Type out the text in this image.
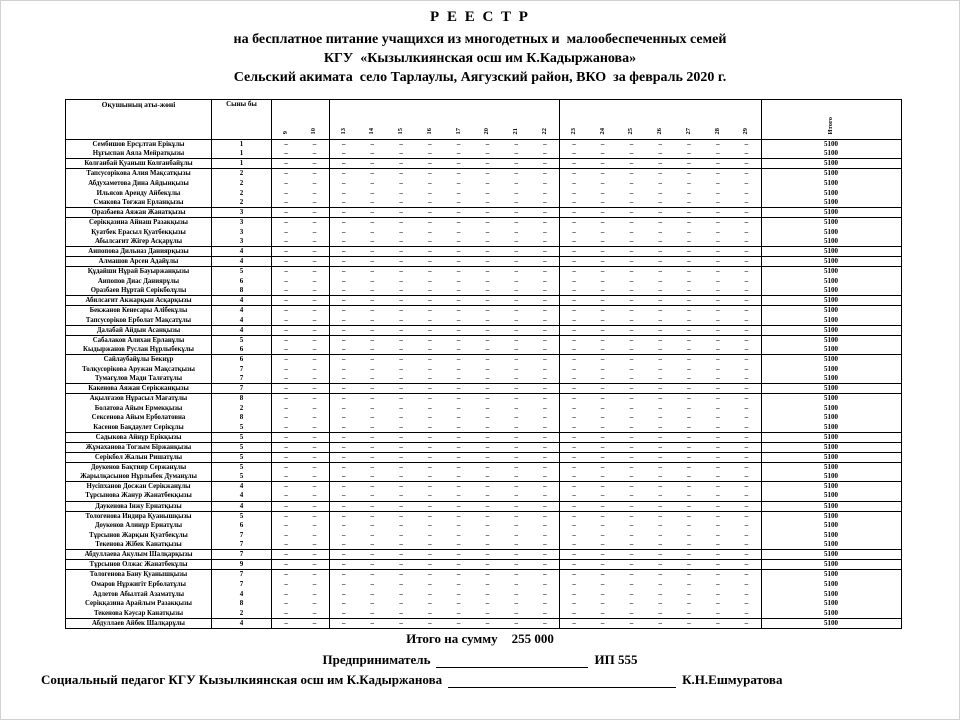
Р Е Е С Т Р
на бесплатное питание учащихся из многодетных и  малообеспеченных семей
КГУ  «Кызылкиянская осш им К.Кадыржанова»
Сельский акимата  село Тарлаулы, Аягузский район, ВКО  за февраль 2020 г.
Оқушының аты-жөні	Сыны бы	9	10	13	14	15	16	17	20	21	22	23	24	25	26	27	28	29	Итого
Сембишов Ерсұлтан Ерікұлы	1	–	–	–	–	–	–	–	–	–	–	–	–	–	–	–	–	–	5100
Нұғыспан Аяла Мейратқызы	1	–	–	–	–	–	–	–	–	–	–	–	–	–	–	–	–	–	5100
Колғанбай Қуаныш Колғанбайұлы	1	–	–	–	–	–	–	–	–	–	–	–	–	–	–	–	–	–	5100
Тапсусорікова Алия Мақсатқызы	2	–	–	–	–	–	–	–	–	–	–	–	–	–	–	–	–	–	5100
Абдухаметова Дина Айдынқызы	2	–	–	–	–	–	–	–	–	–	–	–	–	–	–	–	–	–	5100
Ильясов Аренду Айбекұлы	2	–	–	–	–	–	–	–	–	–	–	–	–	–	–	–	–	–	5100
Смакова Тоғжан Ерланқызы	2	–	–	–	–	–	–	–	–	–	–	–	–	–	–	–	–	–	5100
Оразбаева Аяжан Жанатқызы	3	–	–	–	–	–	–	–	–	–	–	–	–	–	–	–	–	–	5100
Серікқазина Айнаш Разакқызы	3	–	–	–	–	–	–	–	–	–	–	–	–	–	–	–	–	–	5100
Қуатбек Ерасыл Қуатбекқызы	3	–	–	–	–	–	–	–	–	–	–	–	–	–	–	–	–	–	5100
Абылсағит Жігер Асқарұлы	3	–	–	–	–	–	–	–	–	–	–	–	–	–	–	–	–	–	5100
Аипопова Дильназ Даниярқызы	4	–	–	–	–	–	–	–	–	–	–	–	–	–	–	–	–	–	5100
Алмашов Арсен Адайұлы	4	–	–	–	–	–	–	–	–	–	–	–	–	–	–	–	–	–	5100
Құдайши Нұрай Бауыржанқызы	5	–	–	–	–	–	–	–	–	–	–	–	–	–	–	–	–	–	5100
Аипопов Диас Даниярұлы	6	–	–	–	–	–	–	–	–	–	–	–	–	–	–	–	–	–	5100
Оразбаев Нұртай Серікболұлы	8	–	–	–	–	–	–	–	–	–	–	–	–	–	–	–	–	–	5100
Абилсағит Акжарқын Асқарқызы	4	–	–	–	–	–	–	–	–	–	–	–	–	–	–	–	–	–	5100
Бекжанов Кенесары Алібекұлы	4	–	–	–	–	–	–	–	–	–	–	–	–	–	–	–	–	–	5100
Тапсусоріков Ерболат Мақсатұлы	4	–	–	–	–	–	–	–	–	–	–	–	–	–	–	–	–	–	5100
Далабай Айдын Асанқызы	4	–	–	–	–	–	–	–	–	–	–	–	–	–	–	–	–	–	5100
Сабалаков Алихан Ерланұлы	5	–	–	–	–	–	–	–	–	–	–	–	–	–	–	–	–	–	5100
Кыдыржанов Руслан Нұрлыбекұлы	6	–	–	–	–	–	–	–	–	–	–	–	–	–	–	–	–	–	5100
Сайлаубайұлы Бекнұр	6	–	–	–	–	–	–	–	–	–	–	–	–	–	–	–	–	–	5100
Толқусорікова Аружан Мақсатқызы	7	–	–	–	–	–	–	–	–	–	–	–	–	–	–	–	–	–	5100
Тумағұлов Мади Талғатұлы	7	–	–	–	–	–	–	–	–	–	–	–	–	–	–	–	–	–	5100
Какенова Аяжан Серікжанқызы	7	–	–	–	–	–	–	–	–	–	–	–	–	–	–	–	–	–	5100
Ақылғазов Нұрасыл Мағатұлы	8	–	–	–	–	–	–	–	–	–	–	–	–	–	–	–	–	–	5100
Болатова Айым Ермекқызы	2	–	–	–	–	–	–	–	–	–	–	–	–	–	–	–	–	–	5100
Сексенова Айым Ерболатовна	8	–	–	–	–	–	–	–	–	–	–	–	–	–	–	–	–	–	5100
Касенов Бақдаулет Серікұлы	5	–	–	–	–	–	–	–	–	–	–	–	–	–	–	–	–	–	5100
Садыкова Айнұр Ерікқызы	5	–	–	–	–	–	–	–	–	–	–	–	–	–	–	–	–	–	5100
Жұмаханова Тогзым Біржанқызы	5	–	–	–	–	–	–	–	–	–	–	–	–	–	–	–	–	–	5100
Серікбол Жалын Ришатұлы	5	–	–	–	–	–	–	–	–	–	–	–	–	–	–	–	–	–	5100
Доукенов Бақтияр Сержанұлы	5	–	–	–	–	–	–	–	–	–	–	–	–	–	–	–	–	–	5100
Жарылқасынов Нұрлыбек Думанұлы	5	–	–	–	–	–	–	–	–	–	–	–	–	–	–	–	–	–	5100
Нусіпханов Досжан Серікжанұлы	4	–	–	–	–	–	–	–	–	–	–	–	–	–	–	–	–	–	5100
Тұрсынова Жанур Жанатбекқызы	4	–	–	–	–	–	–	–	–	–	–	–	–	–	–	–	–	–	5100
Даукенова Інжу Ернатқызы	4	–	–	–	–	–	–	–	–	–	–	–	–	–	–	–	–	–	5100
Тологенова Индира Қуанышқызы	5	–	–	–	–	–	–	–	–	–	–	–	–	–	–	–	–	–	5100
Доукенов Алинұр Ернатұлы	6	–	–	–	–	–	–	–	–	–	–	–	–	–	–	–	–	–	5100
Тұрсынов Жарқын Қуатбекұлы	7	–	–	–	–	–	–	–	–	–	–	–	–	–	–	–	–	–	5100
Текенова Жібек Канатқызы	7	–	–	–	–	–	–	–	–	–	–	–	–	–	–	–	–	–	5100
Абдуллаева Акулым Шалқарқызы	7	–	–	–	–	–	–	–	–	–	–	–	–	–	–	–	–	–	5100
Тұрсынов Олжас Жанатбекұлы	9	–	–	–	–	–	–	–	–	–	–	–	–	–	–	–	–	–	5100
Тологенова Бану Қуанышқызы	7	–	–	–	–	–	–	–	–	–	–	–	–	–	–	–	–	–	5100
Омаров Нұржигіт Ерболатұлы	7	–	–	–	–	–	–	–	–	–	–	–	–	–	–	–	–	–	5100
Адлетов Абылтай Азаматұлы	4	–	–	–	–	–	–	–	–	–	–	–	–	–	–	–	–	–	5100
Серікқазина Арайлым Разакқызы	8	–	–	–	–	–	–	–	–	–	–	–	–	–	–	–	–	–	5100
Текенова Кәусар Канатқызы	2	–	–	–	–	–	–	–	–	–	–	–	–	–	–	–	–	–	5100
Абдуллаев Айбек Шалқарұлы	4	–	–	–	–	–	–	–	–	–	–	–	–	–	–	–	–	–	5100
Итого на сумму 255 000
Предприниматель	ИП 555
Социальный педагог КГУ Кызылкиянская осш им К.Кадыржанова	К.Н.Ешмуратова
